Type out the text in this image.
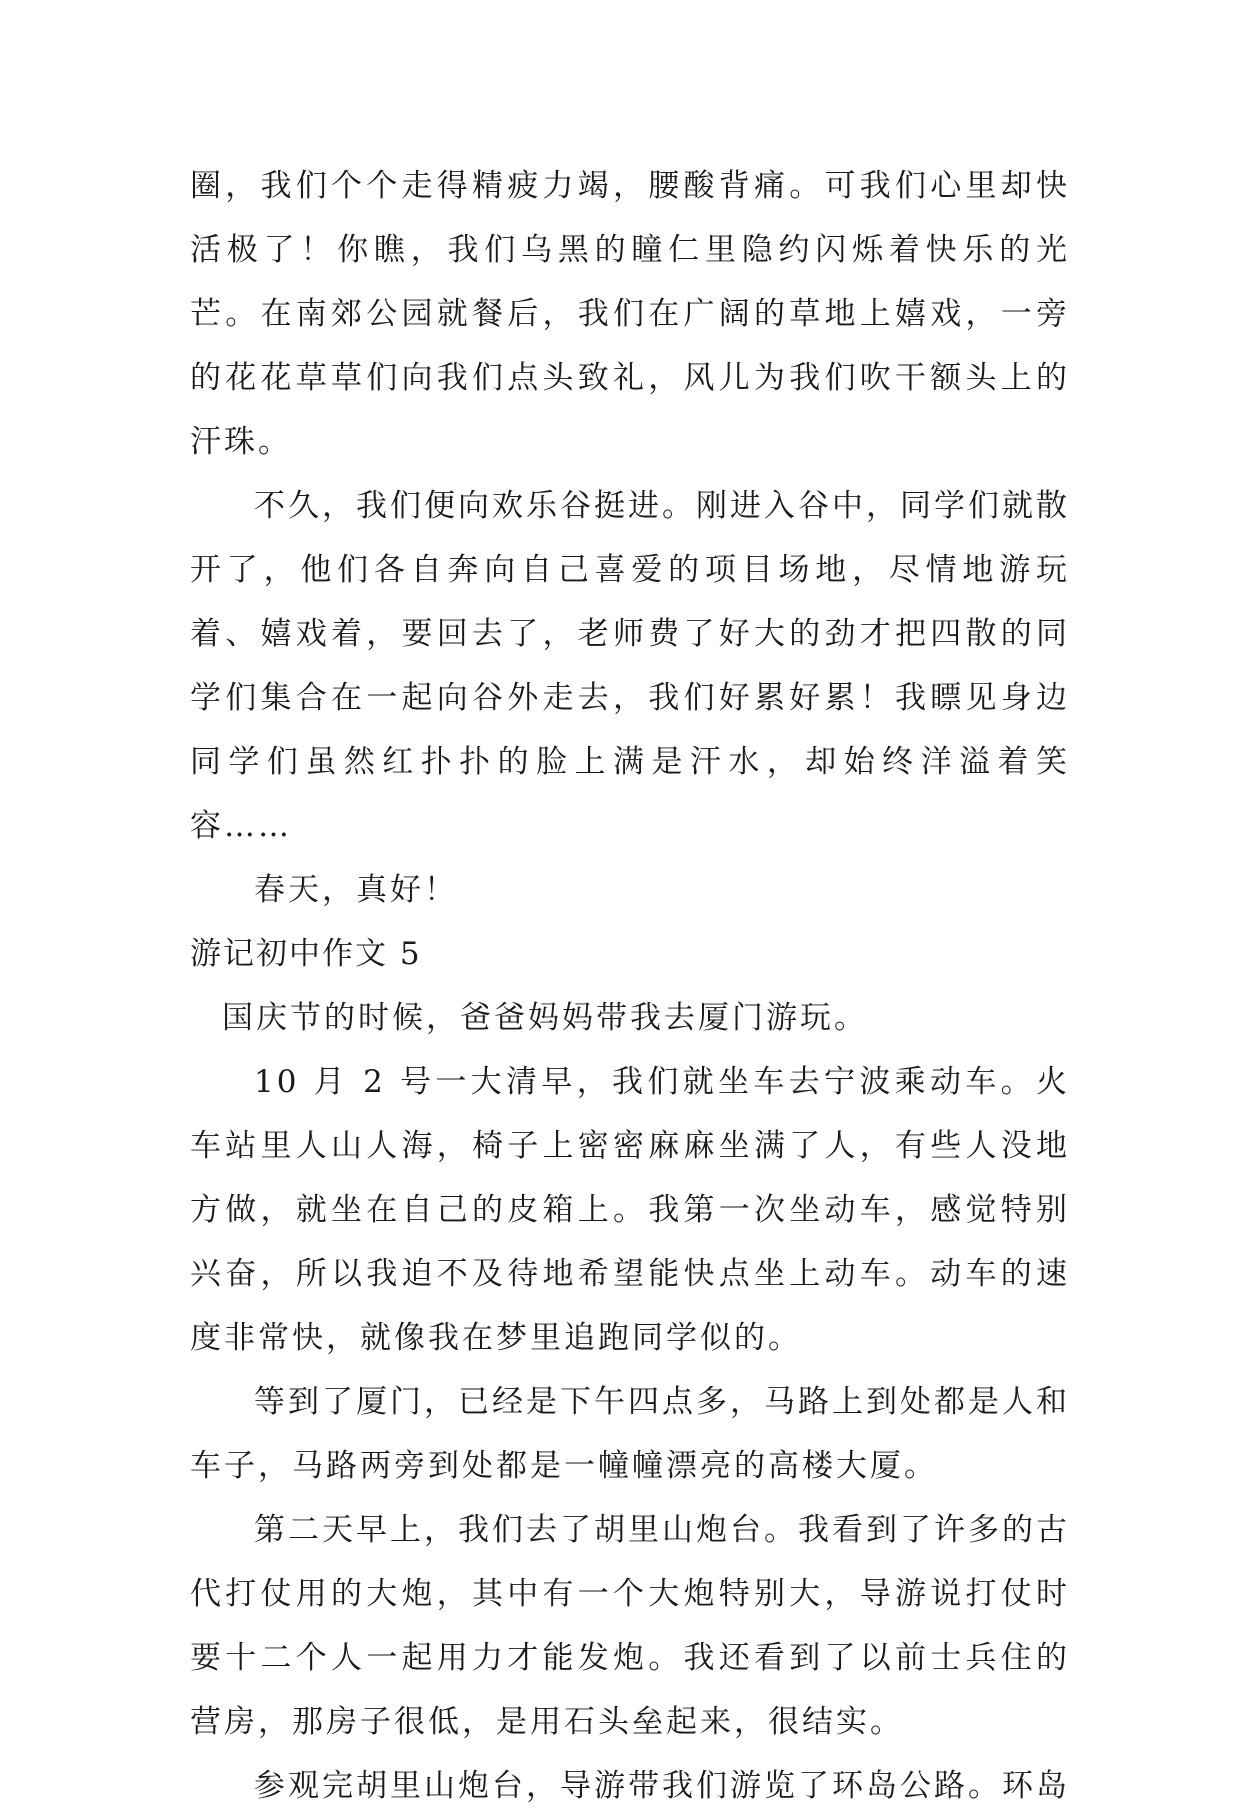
圈，我们个个走得精疲力竭，腰酸背痛。可我们心里却快活极了！你瞧，我们乌黑的瞳仁里隐约闪烁着快乐的光芒。在南郊公园就餐后，我们在广阔的草地上嬉戏，一旁的花花草草们向我们点头致礼，风儿为我们吹干额头上的汗珠。

不久，我们便向欢乐谷挺进。刚进入谷中，同学们就散开了，他们各自奔向自己喜爱的项目场地，尽情地游玩着、嬉戏着，要回去了，老师费了好大的劲才把四散的同学们集合在一起向谷外走去，我们好累好累！我瞟见身边同学们虽然红扑扑的脸上满是汗水，却始终洋溢着笑容……

春天，真好！

游记初中作文 5

国庆节的时候，爸爸妈妈带我去厦门游玩。

10 月 2 号一大清早，我们就坐车去宁波乘动车。火车站里人山人海，椅子上密密麻麻坐满了人，有些人没地方做，就坐在自己的皮箱上。我第一次坐动车，感觉特别兴奋，所以我迫不及待地希望能快点坐上动车。动车的速度非常快，就像我在梦里追跑同学似的。

等到了厦门，已经是下午四点多，马路上到处都是人和车子，马路两旁到处都是一幢幢漂亮的高楼大厦。

第二天早上，我们去了胡里山炮台。我看到了许多的古代打仗用的大炮，其中有一个大炮特别大，导游说打仗时要十二个人一起用力才能发炮。我还看到了以前士兵住的营房，那房子很低，是用石头垒起来，很结实。

参观完胡里山炮台，导游带我们游览了环岛公路。环岛
